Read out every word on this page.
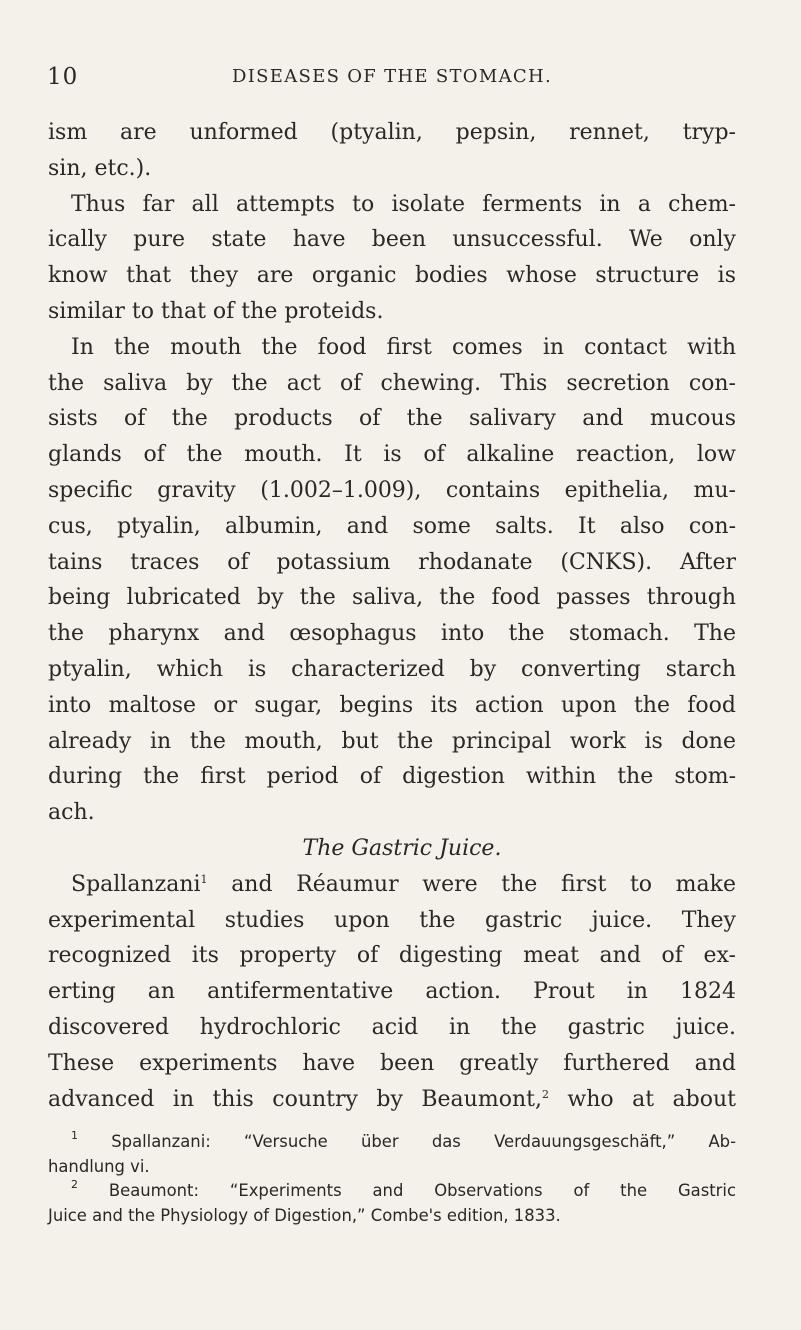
10	DISEASES OF THE STOMACH.
ism are unformed (ptyalin, pepsin, rennet, tryp-
sin, etc.).
Thus far all attempts to isolate ferments in a chem-
ically pure state have been unsuccessful. We only
know that they are organic bodies whose structure is
similar to that of the proteids.
In the mouth the food first comes in contact with
the saliva by the act of chewing. This secretion con-
sists of the products of the salivary and mucous
glands of the mouth. It is of alkaline reaction, low
specific gravity (1.002–1.009), contains epithelia, mu-
cus, ptyalin, albumin, and some salts. It also con-
tains traces of potassium rhodanate (CNKS). After
being lubricated by the saliva, the food passes through
the pharynx and œsophagus into the stomach. The
ptyalin, which is characterized by converting starch
into maltose or sugar, begins its action upon the food
already in the mouth, but the principal work is done
during the first period of digestion within the stom-
ach.
The Gastric Juice.
Spallanzani$^1$ and Réaumur were the first to make
experimental studies upon the gastric juice. They
recognized its property of digesting meat and of ex-
erting an antifermentative action. Prout in 1824
discovered hydrochloric acid in the gastric juice.
These experiments have been greatly furthered and
advanced in this country by Beaumont,$^2$ who at about
$^1$ Spallanzani: “Versuche über das Verdauungsgeschäft,” Ab-
handlung vi.
$^2$ Beaumont: “Experiments and Observations of the Gastric
Juice and the Physiology of Digestion,” Combe's edition, 1833.
